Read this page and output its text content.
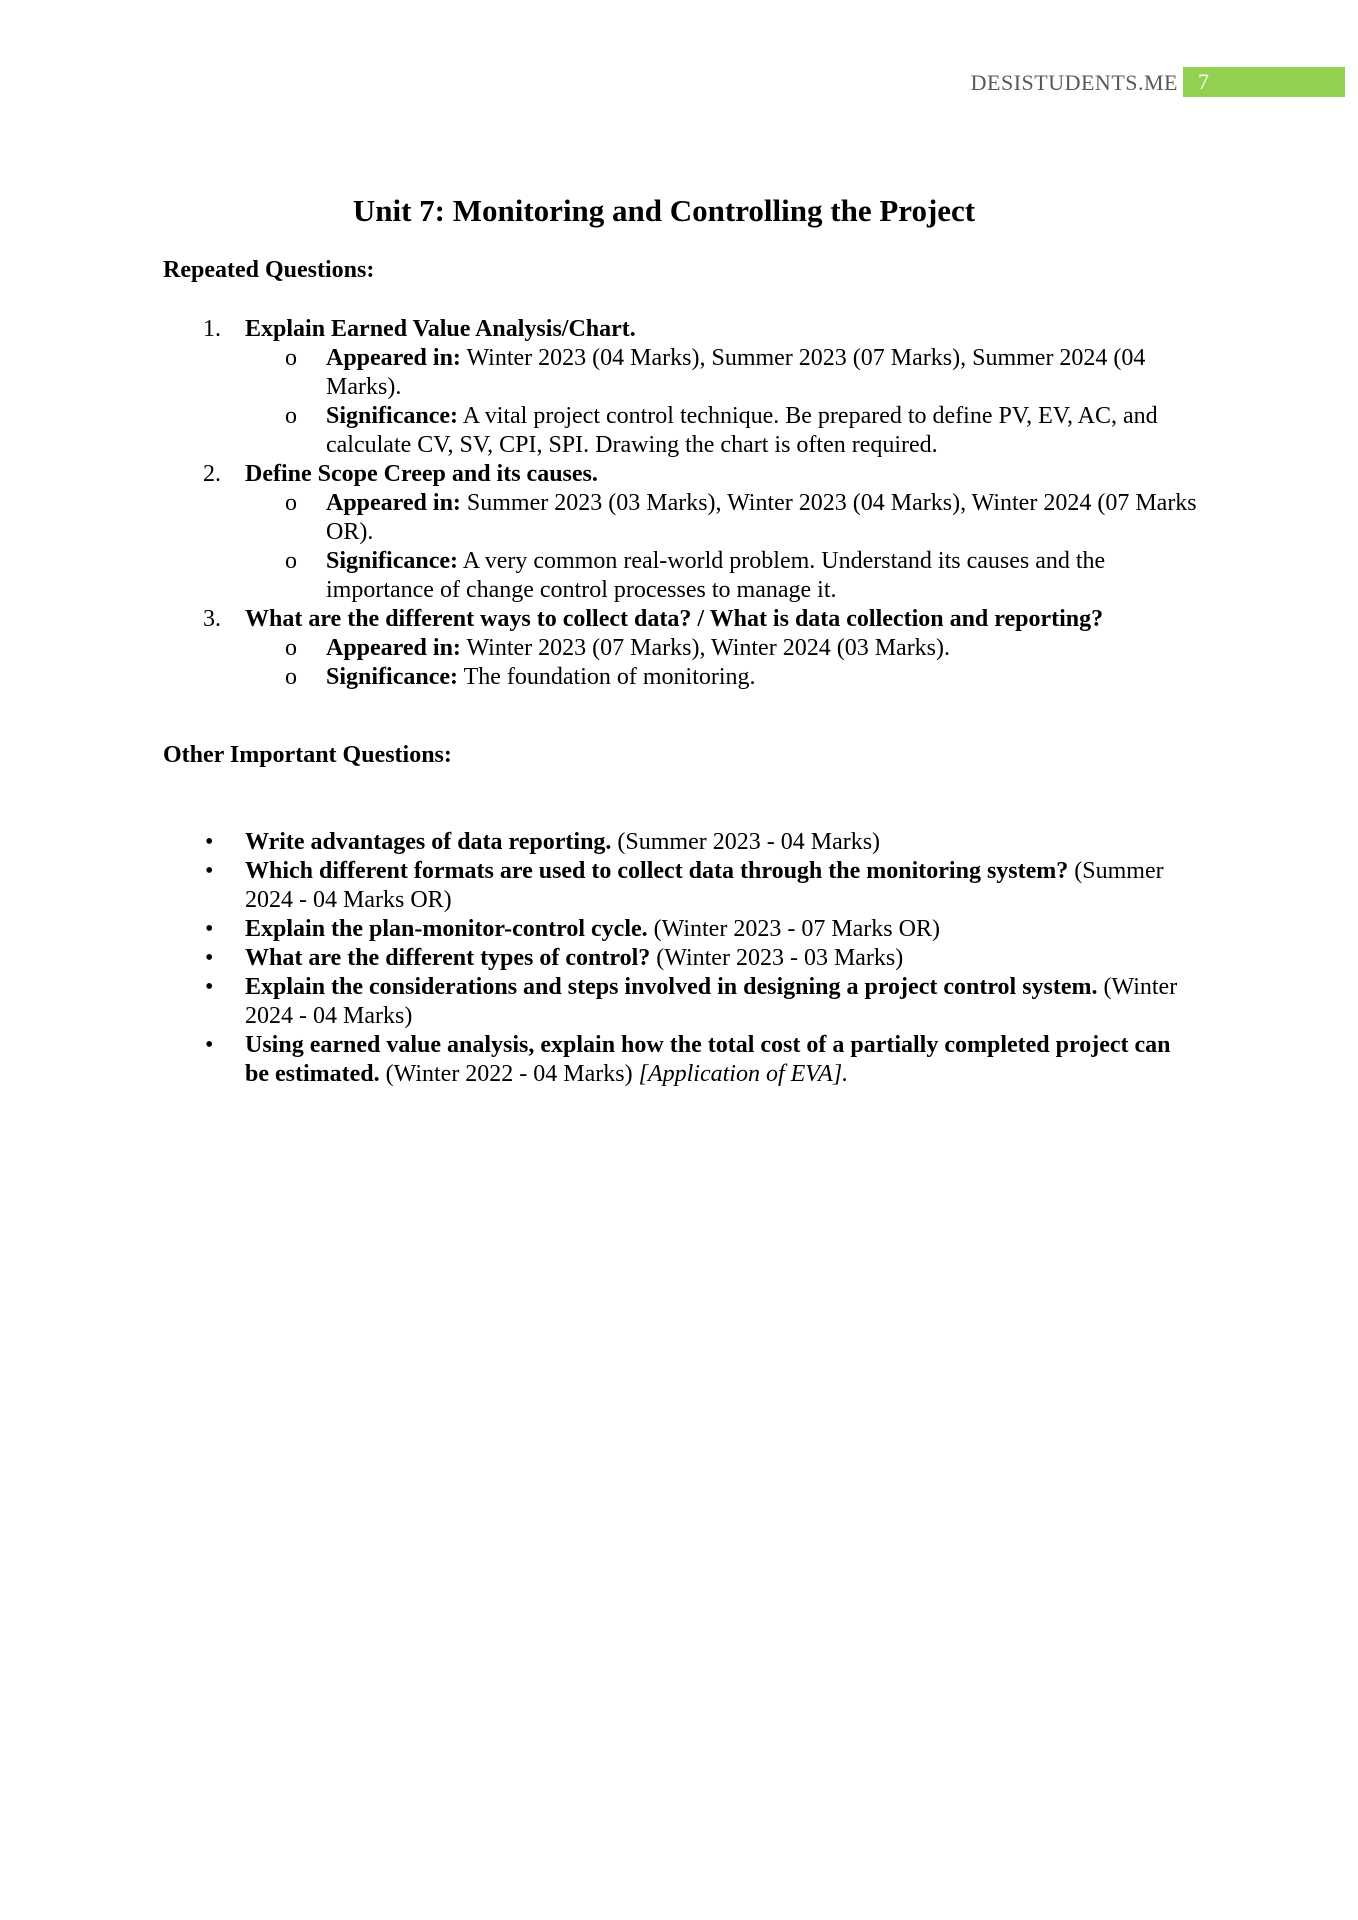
DESISTUDENTS.ME 7
Unit 7: Monitoring and Controlling the Project
Repeated Questions:
1. Explain Earned Value Analysis/Chart.
o Appeared in: Winter 2023 (04 Marks), Summer 2023 (07 Marks), Summer 2024 (04 Marks).
o Significance: A vital project control technique. Be prepared to define PV, EV, AC, and calculate CV, SV, CPI, SPI. Drawing the chart is often required.
2. Define Scope Creep and its causes.
o Appeared in: Summer 2023 (03 Marks), Winter 2023 (04 Marks), Winter 2024 (07 Marks OR).
o Significance: A very common real-world problem. Understand its causes and the importance of change control processes to manage it.
3. What are the different ways to collect data? / What is data collection and reporting?
o Appeared in: Winter 2023 (07 Marks), Winter 2024 (03 Marks).
o Significance: The foundation of monitoring.
Other Important Questions:
• Write advantages of data reporting. (Summer 2023 - 04 Marks)
• Which different formats are used to collect data through the monitoring system? (Summer 2024 - 04 Marks OR)
• Explain the plan-monitor-control cycle. (Winter 2023 - 07 Marks OR)
• What are the different types of control? (Winter 2023 - 03 Marks)
• Explain the considerations and steps involved in designing a project control system. (Winter 2024 - 04 Marks)
• Using earned value analysis, explain how the total cost of a partially completed project can be estimated. (Winter 2022 - 04 Marks) [Application of EVA].
